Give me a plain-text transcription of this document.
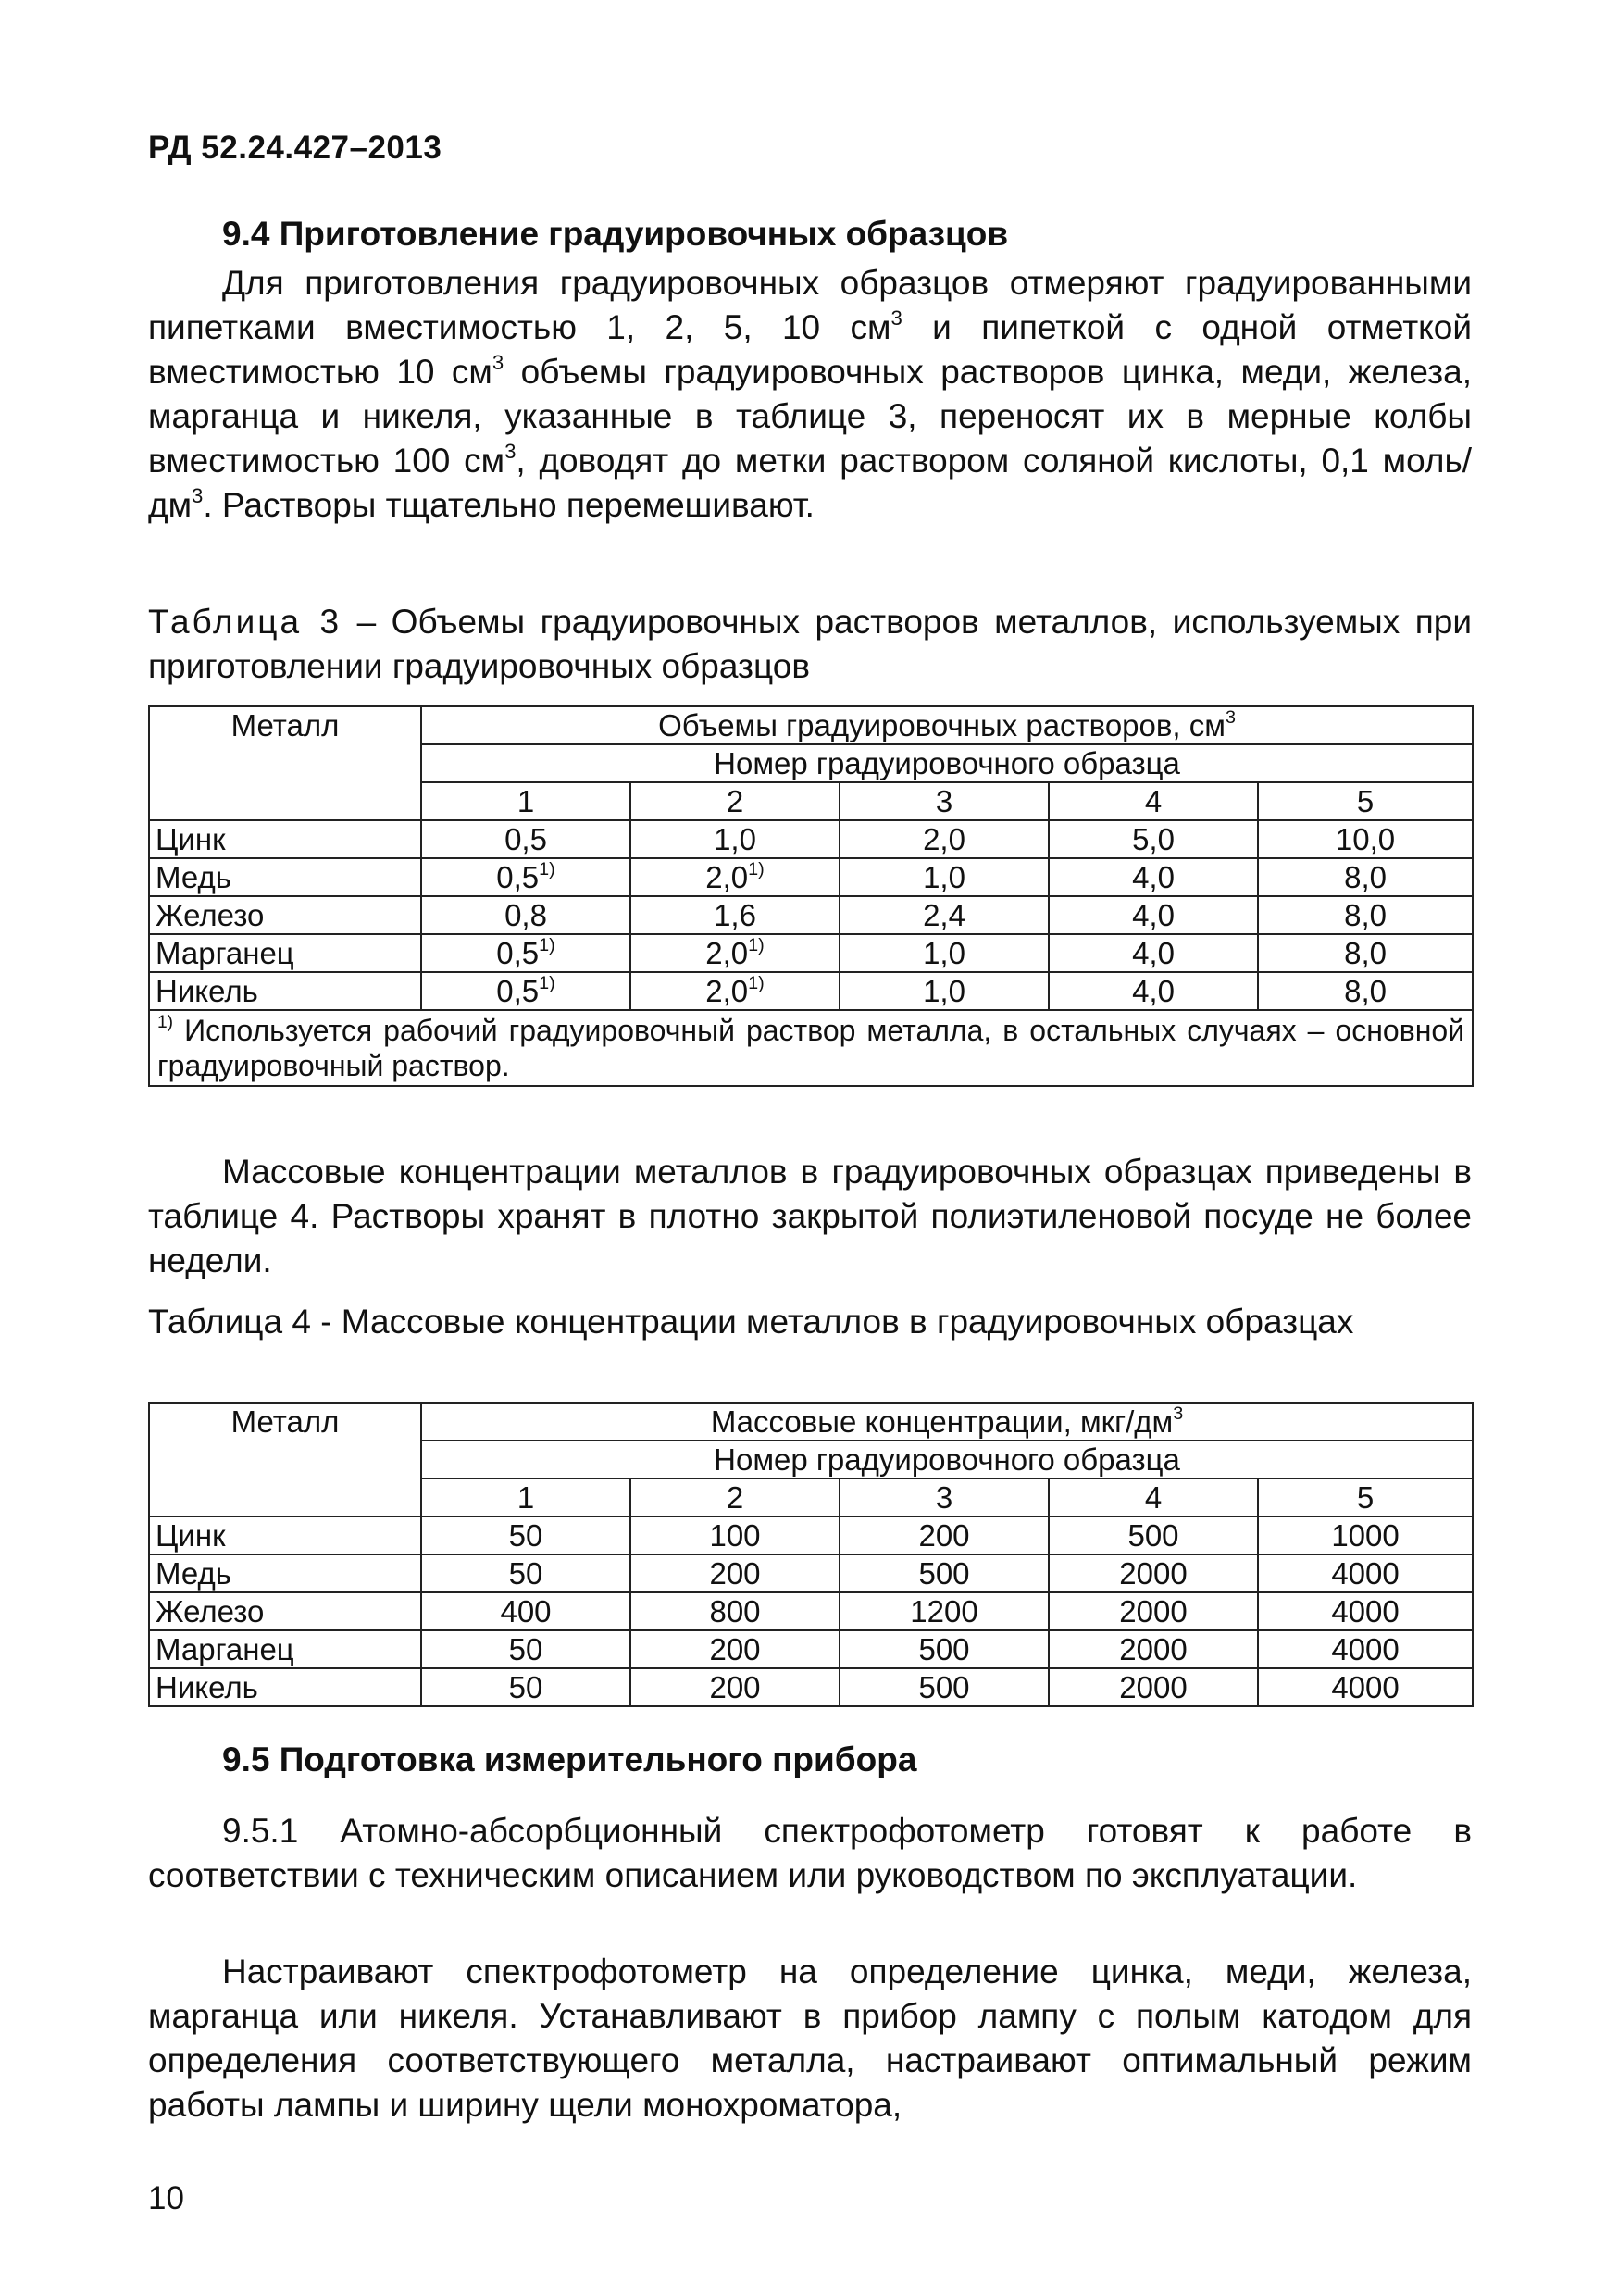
РД 52.24.427–2013
9.4 Приготовление градуировочных образцов

Для приготовления градуировочных образцов отмеряют градуированными пипетками вместимостью 1, 2, 5, 10 $см^3$ и пипеткой с одной отметкой вместимостью 10 $см^3$ объемы градуировочных растворов цинка, меди, железа, марганца и никеля, указанные в таблице 3, переносят их в мерные колбы вместимостью 100 $см^3$, доводят до метки раствором соляной кислоты, 0,1 моль/$дм^3$. Растворы тщательно перемешивают.

Таблица 3 – Объемы градуировочных растворов металлов, используемых при приготовлении градуировочных образцов

Металл	Объемы градуировочных растворов, $см^3$
	Номер градуировочного образца				
	1	2	3	4	5
Цинк	0,5	1,0	2,0	5,0	10,0
Медь	0,5$^{1)}$	2,0$^{1)}$	1,0	4,0	8,0
Железо	0,8	1,6	2,4	4,0	8,0
Марганец	0,5$^{1)}$	2,0$^{1)}$	1,0	4,0	8,0
Никель	0,5$^{1)}$	2,0$^{1)}$	1,0	4,0	8,0
$^{1)}$ Используется рабочий градуировочный раствор металла, в остальных случаях – основной градуировочный раствор.					

Массовые концентрации металлов в градуировочных образцах приведены в таблице 4. Растворы хранят в плотно закрытой полиэтиленовой посуде не более недели.

Таблица 4 - Массовые концентрации металлов в градуировочных образцах

Металл	Массовые концентрации, мкг/$дм^3$
	Номер градуировочного образца				
	1	2	3	4	5
Цинк	50	100	200	500	1000
Медь	50	200	500	2000	4000
Железо	400	800	1200	2000	4000
Марганец	50	200	500	2000	4000
Никель	50	200	500	2000	4000
9.5 Подготовка измерительного прибора

9.5.1 Атомно-абсорбционный спектрофотометр готовят к работе в соответствии с техническим описанием или руководством по эксплуатации.

Настраивают спектрофотометр на определение цинка, меди, железа, марганца или никеля. Устанавливают в прибор лампу с полым катодом для определения соответствующего металла, настраивают оптимальный режим работы лампы и ширину щели монохроматора,

10
